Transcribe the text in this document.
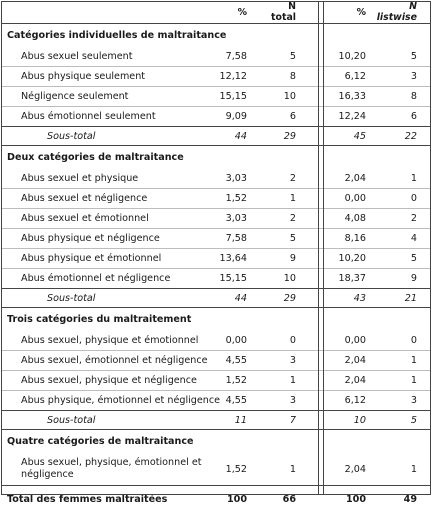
	%	N total		%	N listwise
Catégories individuelles de maltraitance					
Abus sexuel seulement	7,58	5		10,20	5
Abus physique seulement	12,12	8		6,12	3
Négligence seulement	15,15	10		16,33	8
Abus émotionnel seulement	9,09	6		12,24	6
Sous-total	44	29		45	22
Deux catégories de maltraitance					
Abus sexuel et physique	3,03	2		2,04	1
Abus sexuel et négligence	1,52	1		0,00	0
Abus sexuel et émotionnel	3,03	2		4,08	2
Abus physique et négligence	7,58	5		8,16	4
Abus physique et émotionnel	13,64	9		10,20	5
Abus émotionnel et négligence	15,15	10		18,37	9
Sous-total	44	29		43	21
Trois catégories du maltraitement					
Abus sexuel, physique et émotionnel	0,00	0		0,00	0
Abus sexuel, émotionnel et négligence	4,55	3		2,04	1
Abus sexuel, physique et négligence	1,52	1		2,04	1
Abus physique, émotionnel et négligence	4,55	3		6,12	3
Sous-total	11	7		10	5
Quatre catégories de maltraitance					
Abus sexuel, physique, émotionnel et négligence	1,52	1		2,04	1
Total des femmes maltraitées	100	66		100	49
